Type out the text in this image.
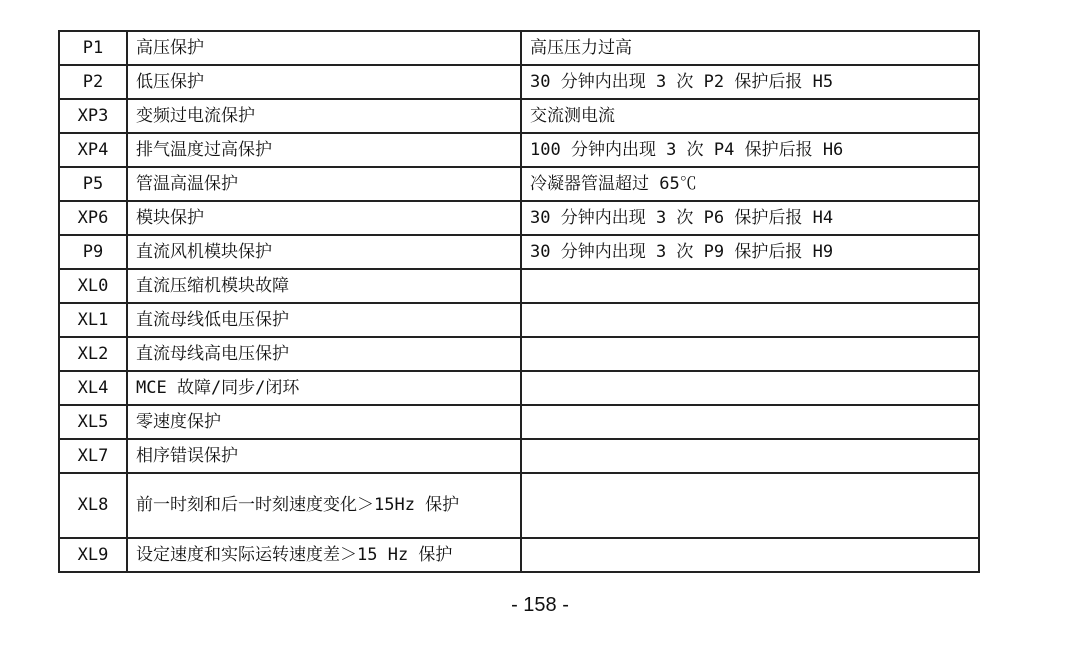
P1	高压保护	高压压力过高
P2	低压保护	30 分钟内出现 3 次 P2 保护后报 H5
XP3	变频过电流保护	交流测电流
XP4	排气温度过高保护	100 分钟内出现 3 次 P4 保护后报 H6
P5	管温高温保护	冷凝器管温超过 65℃
XP6	模块保护	30 分钟内出现 3 次 P6 保护后报 H4
P9	直流风机模块保护	30 分钟内出现 3 次 P9 保护后报 H9
XL0	直流压缩机模块故障	
XL1	直流母线低电压保护	
XL2	直流母线高电压保护	
XL4	MCE 故障/同步/闭环	
XL5	零速度保护	
XL7	相序错误保护	
XL8	前一时刻和后一时刻速度变化＞15Hz 保护	
XL9	设定速度和实际运转速度差＞15 Hz 保护	
- 158 -
